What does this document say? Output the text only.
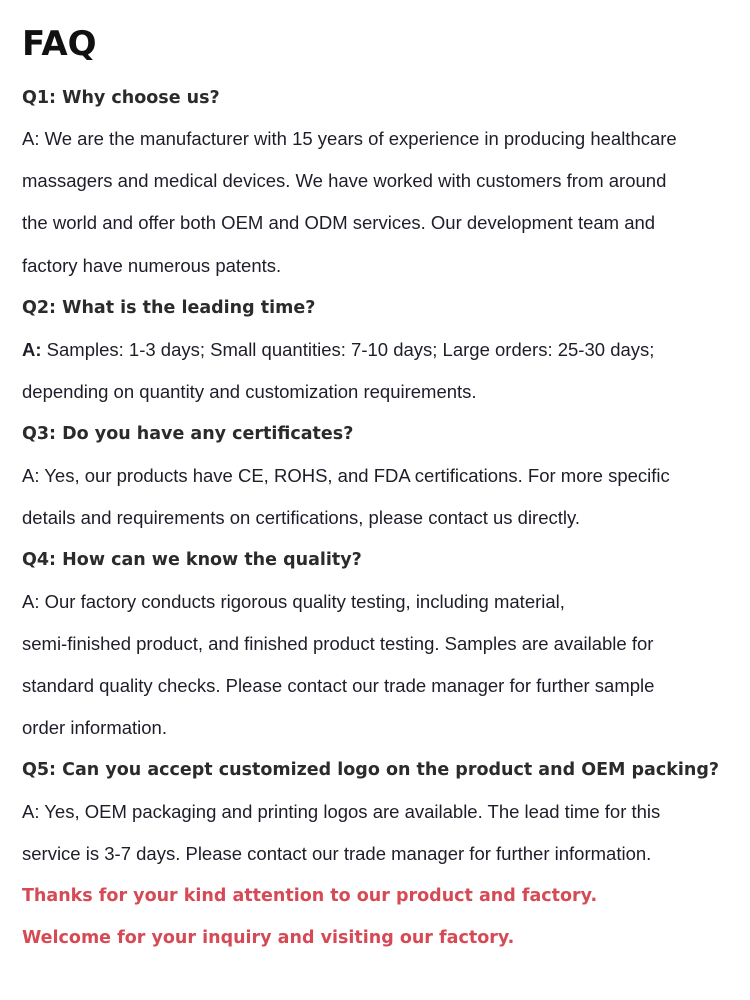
FAQ
Q1: Why choose us?
A: We are the manufacturer with 15 years of experience in producing healthcare
massagers and medical devices. We have worked with customers from around
the world and offer both OEM and ODM services. Our development team and
factory have numerous patents.
Q2: What is the leading time?
A: Samples: 1-3 days; Small quantities: 7-10 days; Large orders: 25-30 days;
depending on quantity and customization requirements.
Q3: Do you have any certificates?
A: Yes, our products have CE, ROHS, and FDA certifications. For more specific
details and requirements on certifications, please contact us directly.
Q4: How can we know the quality?
A: Our factory conducts rigorous quality testing, including material,
semi-finished product, and finished product testing. Samples are available for
standard quality checks. Please contact our trade manager for further sample
order information.
Q5: Can you accept customized logo on the product and OEM packing?
A: Yes, OEM packaging and printing logos are available. The lead time for this
service is 3-7 days. Please contact our trade manager for further information.
Thanks for your kind attention to our product and factory.
Welcome for your inquiry and visiting our factory.
